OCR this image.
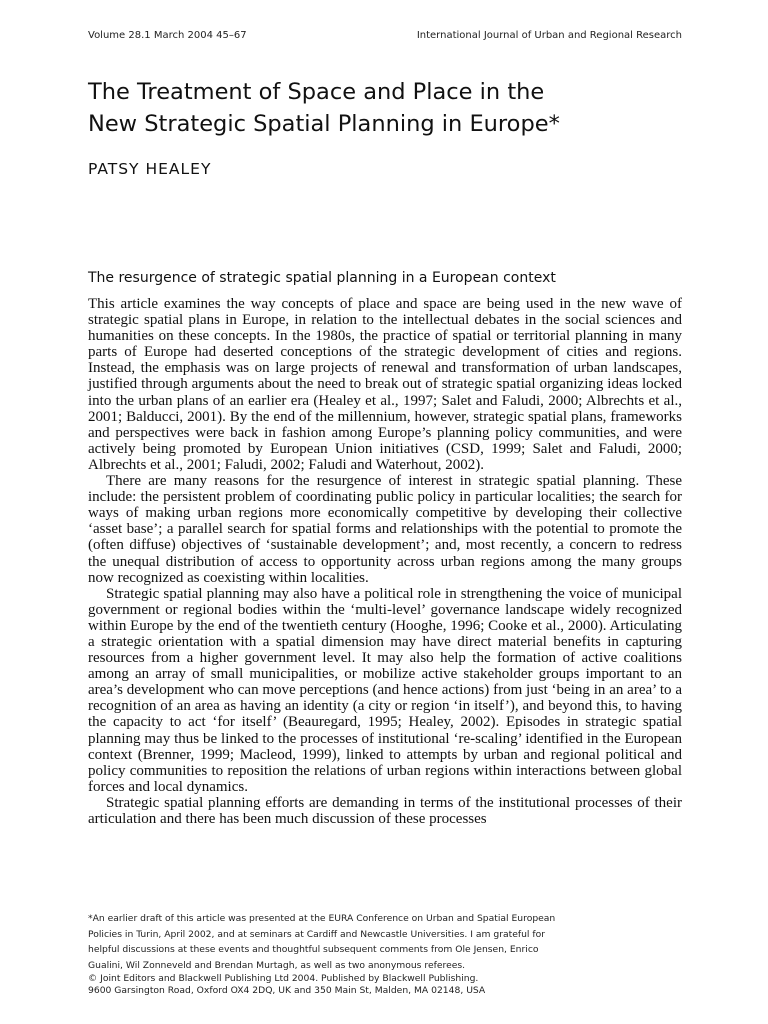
Volume 28.1 March 2004 45–67	International Journal of Urban and Regional Research
The Treatment of Space and Place in the
New Strategic Spatial Planning in Europe*
PATSY HEALEY
The resurgence of strategic spatial planning in a European context

This article examines the way concepts of place and space are being used in the new wave of strategic spatial plans in Europe, in relation to the intellectual debates in the social sciences and humanities on these concepts. In the 1980s, the practice of spatial or territorial planning in many parts of Europe had deserted conceptions of the strategic development of cities and regions. Instead, the emphasis was on large projects of renewal and transformation of urban landscapes, justified through arguments about the need to break out of strategic spatial organizing ideas locked into the urban plans of an earlier era (Healey et al., 1997; Salet and Faludi, 2000; Albrechts et al., 2001; Balducci, 2001). By the end of the millennium, however, strategic spatial plans, frameworks and perspectives were back in fashion among Europe’s planning policy communities, and were actively being promoted by European Union initiatives (CSD, 1999; Salet and Faludi, 2000; Albrechts et al., 2001; Faludi, 2002; Faludi and Waterhout, 2002).

There are many reasons for the resurgence of interest in strategic spatial planning. These include: the persistent problem of coordinating public policy in particular localities; the search for ways of making urban regions more economically competitive by developing their collective ‘asset base’; a parallel search for spatial forms and relationships with the potential to promote the (often diffuse) objectives of ‘sustainable development’; and, most recently, a concern to redress the unequal distribution of access to opportunity across urban regions among the many groups now recognized as coexisting within localities.

Strategic spatial planning may also have a political role in strengthening the voice of municipal government or regional bodies within the ‘multi-level’ governance landscape widely recognized within Europe by the end of the twentieth century (Hooghe, 1996; Cooke et al., 2000). Articulating a strategic orientation with a spatial dimension may have direct material benefits in capturing resources from a higher government level. It may also help the formation of active coalitions among an array of small municipalities, or mobilize active stakeholder groups important to an area’s development who can move perceptions (and hence actions) from just ‘being in an area’ to a recognition of an area as having an identity (a city or region ‘in itself’), and beyond this, to having the capacity to act ‘for itself’ (Beauregard, 1995; Healey, 2002). Episodes in strategic spatial planning may thus be linked to the processes of institutional ‘re-scaling’ identified in the European context (Brenner, 1999; Macleod, 1999), linked to attempts by urban and regional political and policy communities to reposition the relations of urban regions within interactions between global forces and local dynamics.

Strategic spatial planning efforts are demanding in terms of the institutional processes of their articulation and there has been much discussion of these processes

*An earlier draft of this article was presented at the EURA Conference on Urban and Spatial European

Policies in Turin, April 2002, and at seminars at Cardiff and Newcastle Universities. I am grateful for

helpful discussions at these events and thoughtful subsequent comments from Ole Jensen, Enrico

Gualini, Wil Zonneveld and Brendan Murtagh, as well as two anonymous referees.

© Joint Editors and Blackwell Publishing Ltd 2004. Published by Blackwell Publishing.

9600 Garsington Road, Oxford OX4 2DQ, UK and 350 Main St, Malden, MA 02148, USA
